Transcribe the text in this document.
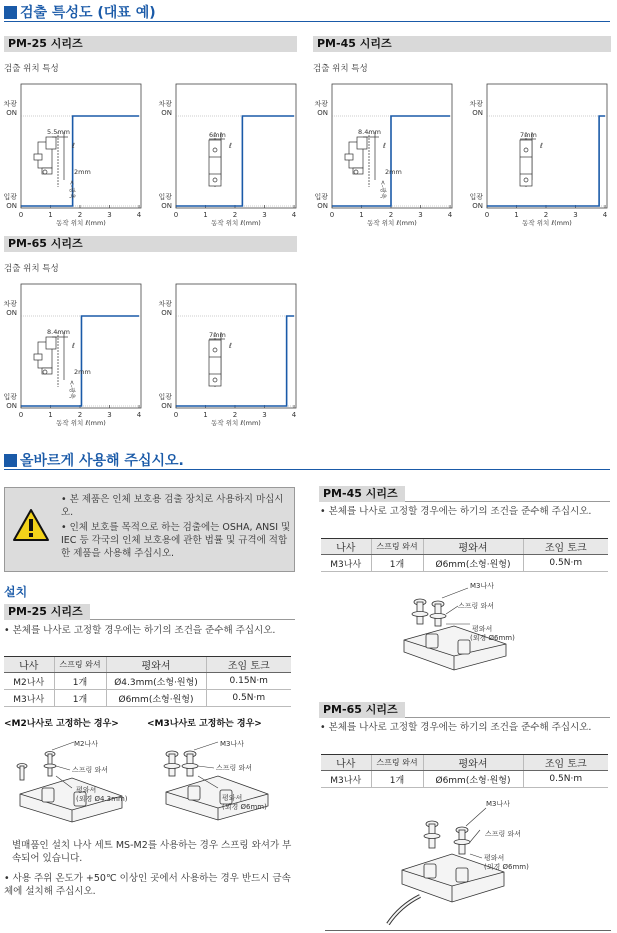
검출 특성도 (대표 예)
PM-25 시리즈
검출 위치 특성
PM-45 시리즈
검출 위치 특성
PM-65 시리즈
검출 위치 특성
차광
ON
입광
ON
0	1	2	3	4
동작 위치 ℓ(mm)
5.5mm
2mm
<-광축
ℓ
차광
ON
입광
ON
0	1	2	3	4
동작 위치 ℓ(mm)
6mm
ℓ
차광
ON
입광
ON
0	1	2	3	4
동작 위치 ℓ(mm)
8.4mm
2mm
<-광축
ℓ
차광
ON
입광
ON
0	1	2	3	4
동작 위치 ℓ(mm)
7mm
ℓ
차광
ON
입광
ON
0	1	2	3	4
동작 위치 ℓ(mm)
8.4mm
2mm
<-광축
ℓ
차광
ON
입광
ON
0	1	2	3	4
동작 위치 ℓ(mm)
7mm
ℓ
올바르게 사용해 주십시오.
• 본 제품은 인체 보호용 검출 장치로 사용하지 마십시오.
• 인체 보호를 목적으로 하는 검출에는 OSHA, ANSI 및 IEC 등 각국의 인체 보호용에 관한 법률 및 규격에 적합한 제품을 사용해 주십시오.
설치
PM-25 시리즈
• 본체를 나사로 고정할 경우에는 하기의 조건을 준수해 주십시오.
나사	스프링 와셔	평와셔	조임 토크
M2나사	1개	Ø4.3mm(소형·원형)	0.15N·m
M3나사	1개	Ø6mm(소형·원형)	0.5N·m
<M2나사로 고정하는 경우>	<M3나사로 고정하는 경우>
M2나사
스프링 와셔
평와셔
(외경 Ø4.3mm)
M3나사
스프링 와셔
평와셔
(외경 Ø6mm)
별매품인 설치 나사 세트 MS-M2를 사용하는 경우 스프링 와셔가 부속되어 있습니다.
• 사용 주위 온도가 +50℃ 이상인 곳에서 사용하는 경우 반드시 금속체에 설치해 주십시오.
PM-45 시리즈
• 본체를 나사로 고정할 경우에는 하기의 조건을 준수해 주십시오.
나사	스프링 와셔	평와셔	조임 토크
M3나사	1개	Ø6mm(소형·원형)	0.5N·m
M3나사
스프링 와셔
평와셔
(외경 Ø6mm)
PM-65 시리즈
• 본체를 나사로 고정할 경우에는 하기의 조건을 준수해 주십시오.
나사	스프링 와셔	평와셔	조임 토크
M3나사	1개	Ø6mm(소형·원형)	0.5N·m
M3나사
스프링 와셔
평와셔
(외경 Ø6mm)
